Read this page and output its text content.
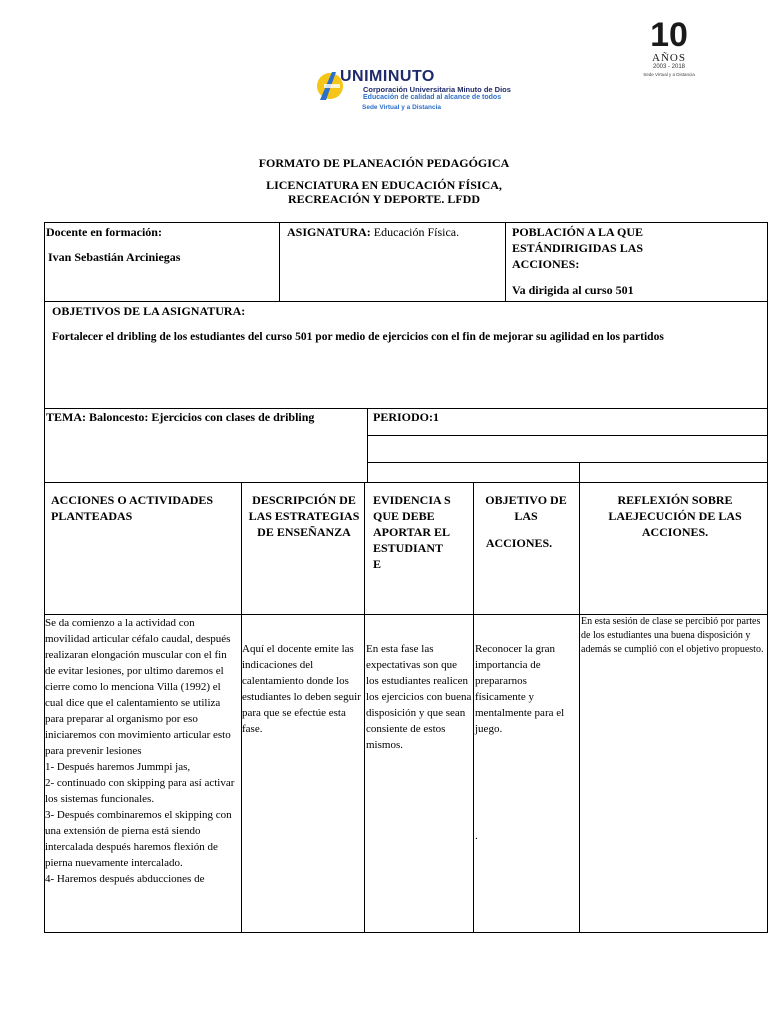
UNIMINUTO
Corporación Universitaria Minuto de Dios
Educación de calidad al alcance de todos
Sede Virtual y a Distancia
10
AÑOS
2003 - 2018
Sede Virtual y a Distancia
FORMATO DE PLANEACIÓN PEDAGÓGICA
LICENCIATURA EN EDUCACIÓN FÍSICA,
RECREACIÓN Y DEPORTE. LFDD
Docente en formación:
Ivan Sebastián Arciniegas
ASIGNATURA: Educación Física.	POBLACIÓN A LA QUE ESTÁNDIRIGIDAS LAS ACCIONES:
Va dirigida al curso 501
OBJETIVOS DE LA ASIGNATURA:
Fortalecer el dribling de los estudiantes del curso 501 por medio de ejercicios con el fin de mejorar su agilidad en los partidos
TEMA: Baloncesto: Ejercicios con clases de dribling	PERIODO:1
ACCIONES O ACTIVIDADES PLANTEADAS
DESCRIPCIÓN DE LAS ESTRATEGIAS DE ENSEÑANZA
EVIDENCIA S QUE DEBE APORTAR EL ESTUDIANT E
OBJETIVO DE LAS
ACCIONES.
REFLEXIÓN SOBRE LAEJECUCIÓN DE LAS ACCIONES.
Se da comienzo a la actividad con movilidad articular céfalo caudal, después realizaran elongación muscular con el fin de evitar lesiones, por ultimo daremos el cierre como lo menciona Villa (1992) el cual dice que el calentamiento se utiliza para preparar al organismo por eso iniciaremos con movimiento articular esto para prevenir lesiones
1- Después haremos Jummpi jas,
2- continuado con skipping para así activar los sistemas funcionales.
3- Después combinaremos el skipping con una extensión de pierna está siendo intercalada después haremos flexión de pierna nuevamente intercalado.
4- Haremos después abducciones de
Aquí el docente emite las indicaciones del calentamiento donde los estudiantes lo deben seguir para que se efectúe esta fase.
En esta fase las expectativas son que los estudiantes realicen los ejercicios con buena disposición y que sean consiente de estos mismos.
Reconocer la gran importancia de prepararnos físicamente y mentalmente para el juego.
.
En esta sesión de clase se percibió por partes de los estudiantes una buena disposición y además se cumplió con el objetivo propuesto.
